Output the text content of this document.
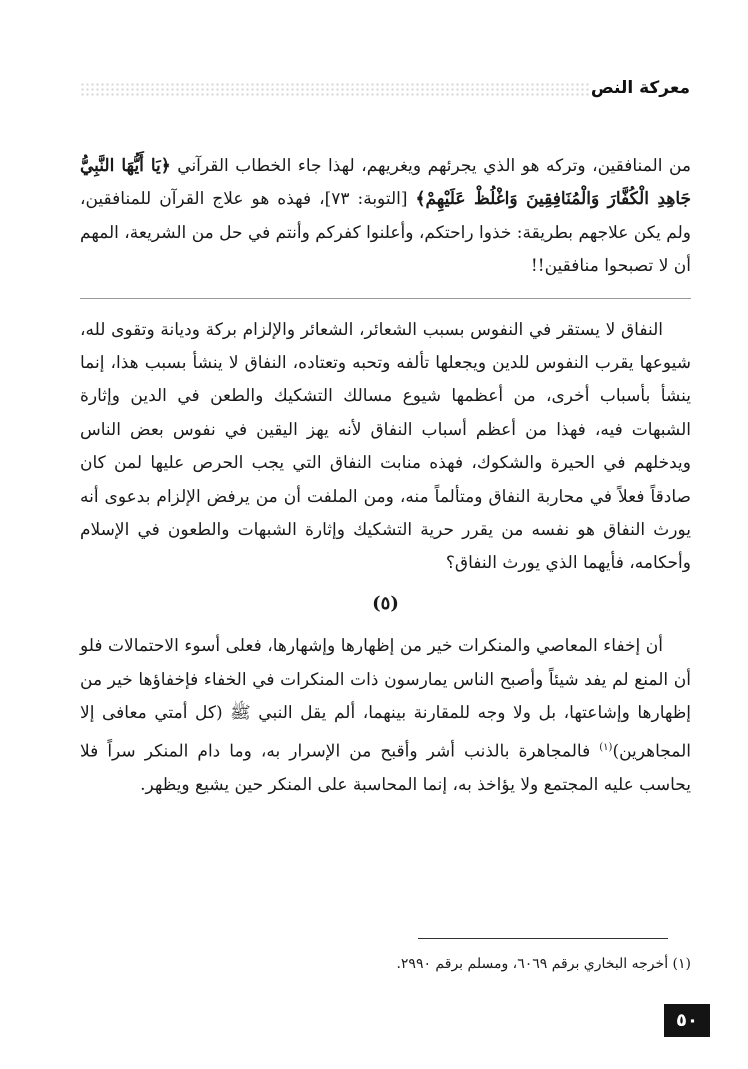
معركة النص

من المنافقين، وتركه هو الذي يجرئهم ويغريهم، لهذا جاء الخطاب القرآني ﴿يَا أَيُّهَا النَّبِيُّ جَاهِدِ الْكُفَّارَ وَالْمُنَافِقِينَ وَاغْلُظْ عَلَيْهِمْ﴾ [التوبة: ٧٣]، فهذه هو علاج القرآن للمنافقين، ولم يكن علاجهم بطريقة: خذوا راحتكم، وأعلنوا كفركم وأنتم في حل من الشريعة، المهم أن لا تصبحوا منافقين!!

النفاق لا يستقر في النفوس بسبب الشعائر، الشعائر والإلزام بركة وديانة وتقوى لله، شيوعها يقرب النفوس للدين ويجعلها تألفه وتحبه وتعتاده، النفاق لا ينشأ بسبب هذا، إنما ينشأ بأسباب أخرى، من أعظمها شيوع مسالك التشكيك والطعن في الدين وإثارة الشبهات فيه، فهذا من أعظم أسباب النفاق لأنه يهز اليقين في نفوس بعض الناس ويدخلهم في الحيرة والشكوك، فهذه منابت النفاق التي يجب الحرص عليها لمن كان صادقاً فعلاً في محاربة النفاق ومتألماً منه، ومن الملفت أن من يرفض الإلزام بدعوى أنه يورث النفاق هو نفسه من يقرر حرية التشكيك وإثارة الشبهات والطعون في الإسلام وأحكامه، فأيهما الذي يورث النفاق؟

(٥)

أن إخفاء المعاصي والمنكرات خير من إظهارها وإشهارها، فعلى أسوء الاحتمالات فلو أن المنع لم يفد شيئاً وأصبح الناس يمارسون ذات المنكرات في الخفاء فإخفاؤها خير من إظهارها وإشاعتها، بل ولا وجه للمقارنة بينهما، ألم يقل النبي ﷺ (كل أمتي معافى إلا المجاهرين)$^{(١)}$ فالمجاهرة بالذنب أشر وأقبح من الإسرار به، وما دام المنكر سراً فلا يحاسب عليه المجتمع ولا يؤاخذ به، إنما المحاسبة على المنكر حين يشيع ويظهر.

(١) أخرجه البخاري برقم ٦٠٦٩، ومسلم برقم ٢٩٩٠.
٥٠
